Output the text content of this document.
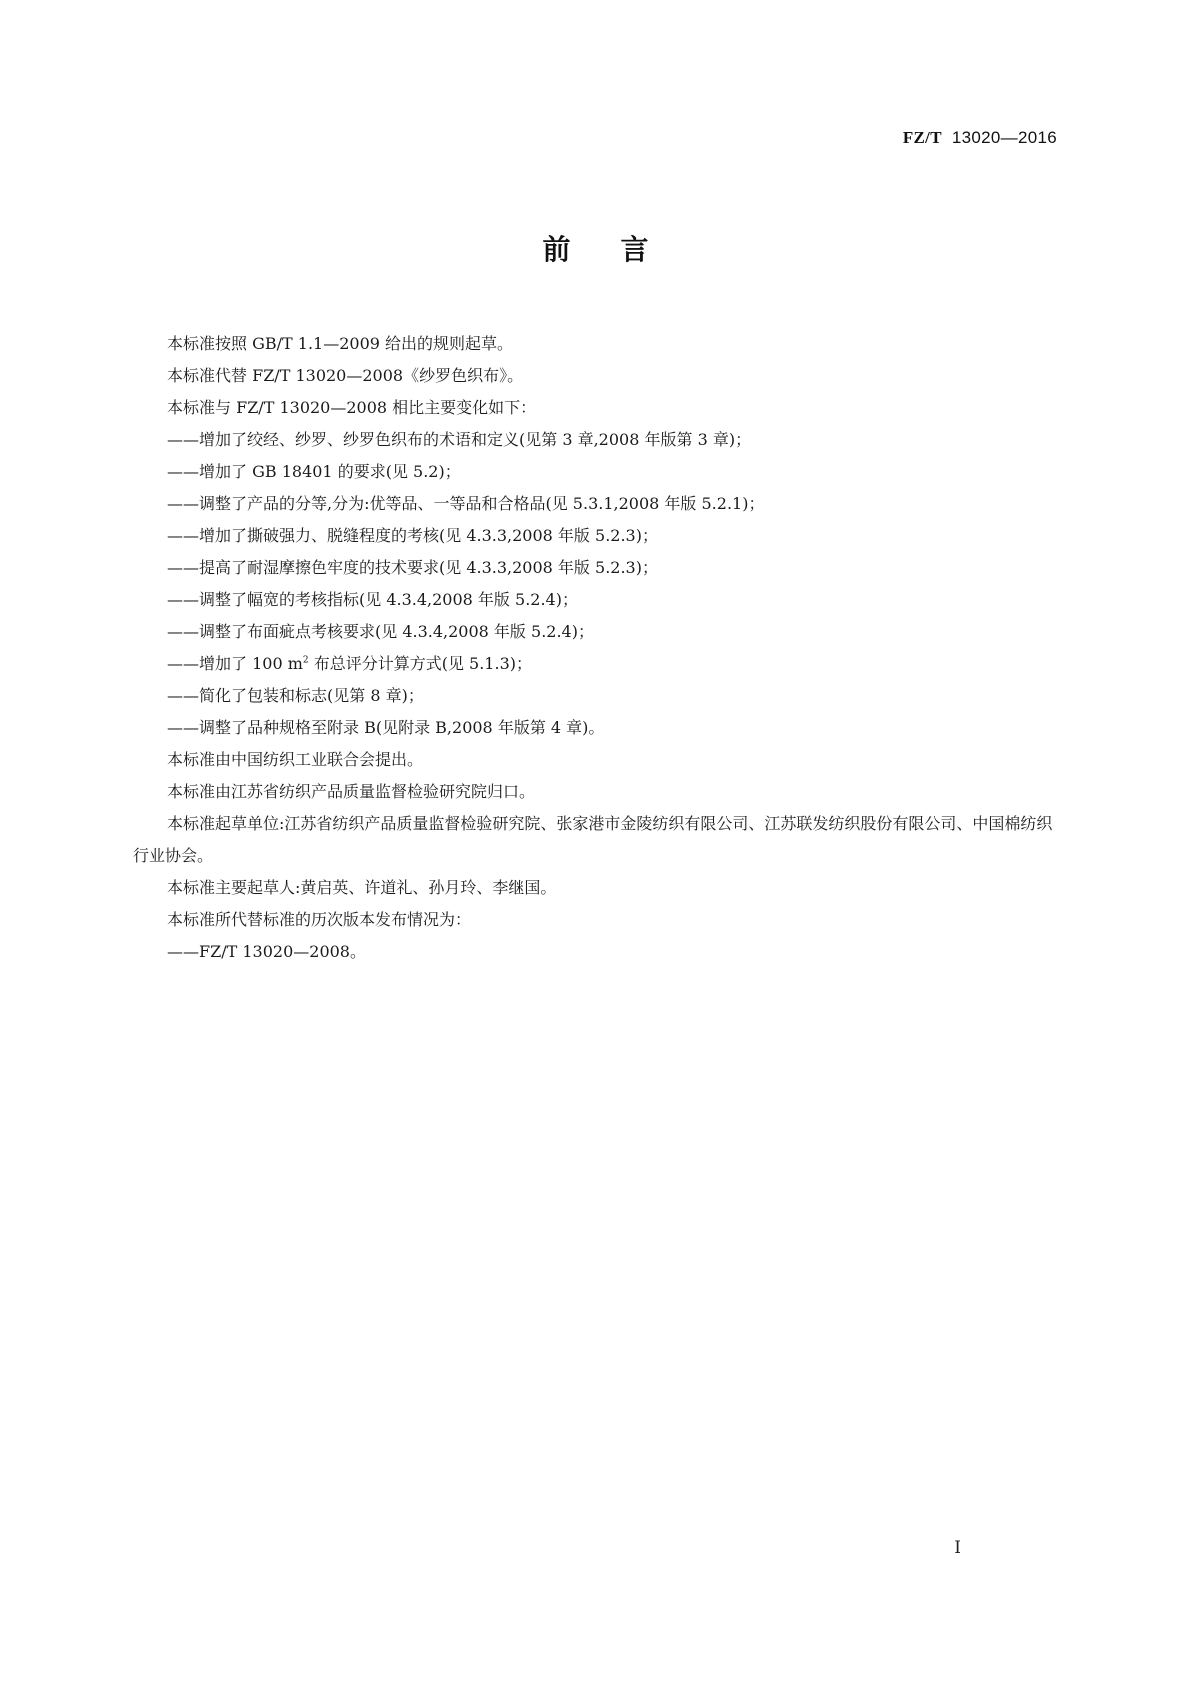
FZ/T 13020—2016
前言

本标准按照 GB/T 1.1—2009 给出的规则起草。

本标准代替 FZ/T 13020—2008《纱罗色织布》。

本标准与 FZ/T 13020—2008 相比主要变化如下：

——增加了绞经、纱罗、纱罗色织布的术语和定义(见第 3 章,2008 年版第 3 章)；

——增加了 GB 18401 的要求(见 5.2)；

——调整了产品的分等,分为:优等品、一等品和合格品(见 5.3.1,2008 年版 5.2.1)；

——增加了撕破强力、脱缝程度的考核(见 4.3.3,2008 年版 5.2.3)；

——提高了耐湿摩擦色牢度的技术要求(见 4.3.3,2008 年版 5.2.3)；

——调整了幅宽的考核指标(见 4.3.4,2008 年版 5.2.4)；

——调整了布面疵点考核要求(见 4.3.4,2008 年版 5.2.4)；

——增加了 100 $m^2$ 布总评分计算方式(见 5.1.3)；

——简化了包装和标志(见第 8 章)；

——调整了品种规格至附录 B(见附录 B,2008 年版第 4 章)。

本标准由中国纺织工业联合会提出。

本标准由江苏省纺织产品质量监督检验研究院归口。

本标准起草单位:江苏省纺织产品质量监督检验研究院、张家港市金陵纺织有限公司、江苏联发纺织股份有限公司、中国棉纺织行业协会。

本标准主要起草人:黄启英、许道礼、孙月玲、李继国。

本标准所代替标准的历次版本发布情况为：

——FZ/T 13020—2008。

I
